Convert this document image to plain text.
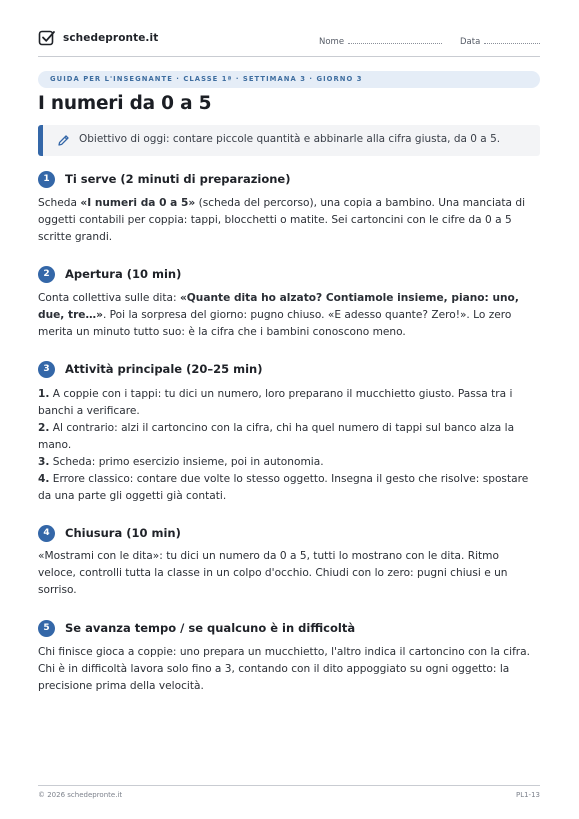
schedepronte.it	Nome	Data
GUIDA PER L'INSEGNANTE · CLASSE 1ª · SETTIMANA 3 · GIORNO 3
I numeri da 0 a 5
Obiettivo di oggi: contare piccole quantità e abbinarle alla cifra giusta, da 0 a 5.
1	Ti serve (2 minuti di preparazione)

Scheda «I numeri da 0 a 5» (scheda del percorso), una copia a bambino. Una manciata di oggetti contabili per coppia: tappi, blocchetti o matite. Sei cartoncini con le cifre da 0 a 5 scritte grandi.

2	Apertura (10 min)

Conta collettiva sulle dita: «Quante dita ho alzato? Contiamole insieme, piano: uno, due, tre…». Poi la sorpresa del giorno: pugno chiuso. «E adesso quante? Zero!». Lo zero merita un minuto tutto suo: è la cifra che i bambini conoscono meno.

3	Attività principale (20–25 min)

1. A coppie con i tappi: tu dici un numero, loro preparano il mucchietto giusto. Passa tra i banchi a verificare.
2. Al contrario: alzi il cartoncino con la cifra, chi ha quel numero di tappi sul banco alza la mano.
3. Scheda: primo esercizio insieme, poi in autonomia.
4. Errore classico: contare due volte lo stesso oggetto. Insegna il gesto che risolve: spostare da una parte gli oggetti già contati.

4	Chiusura (10 min)

«Mostrami con le dita»: tu dici un numero da 0 a 5, tutti lo mostrano con le dita. Ritmo veloce, controlli tutta la classe in un colpo d'occhio. Chiudi con lo zero: pugni chiusi e un sorriso.

5	Se avanza tempo / se qualcuno è in difficoltà

Chi finisce gioca a coppie: uno prepara un mucchietto, l'altro indica il cartoncino con la cifra. Chi è in difficoltà lavora solo fino a 3, contando con il dito appoggiato su ogni oggetto: la precisione prima della velocità.

© 2026 schedepronte.it	PL1-13
